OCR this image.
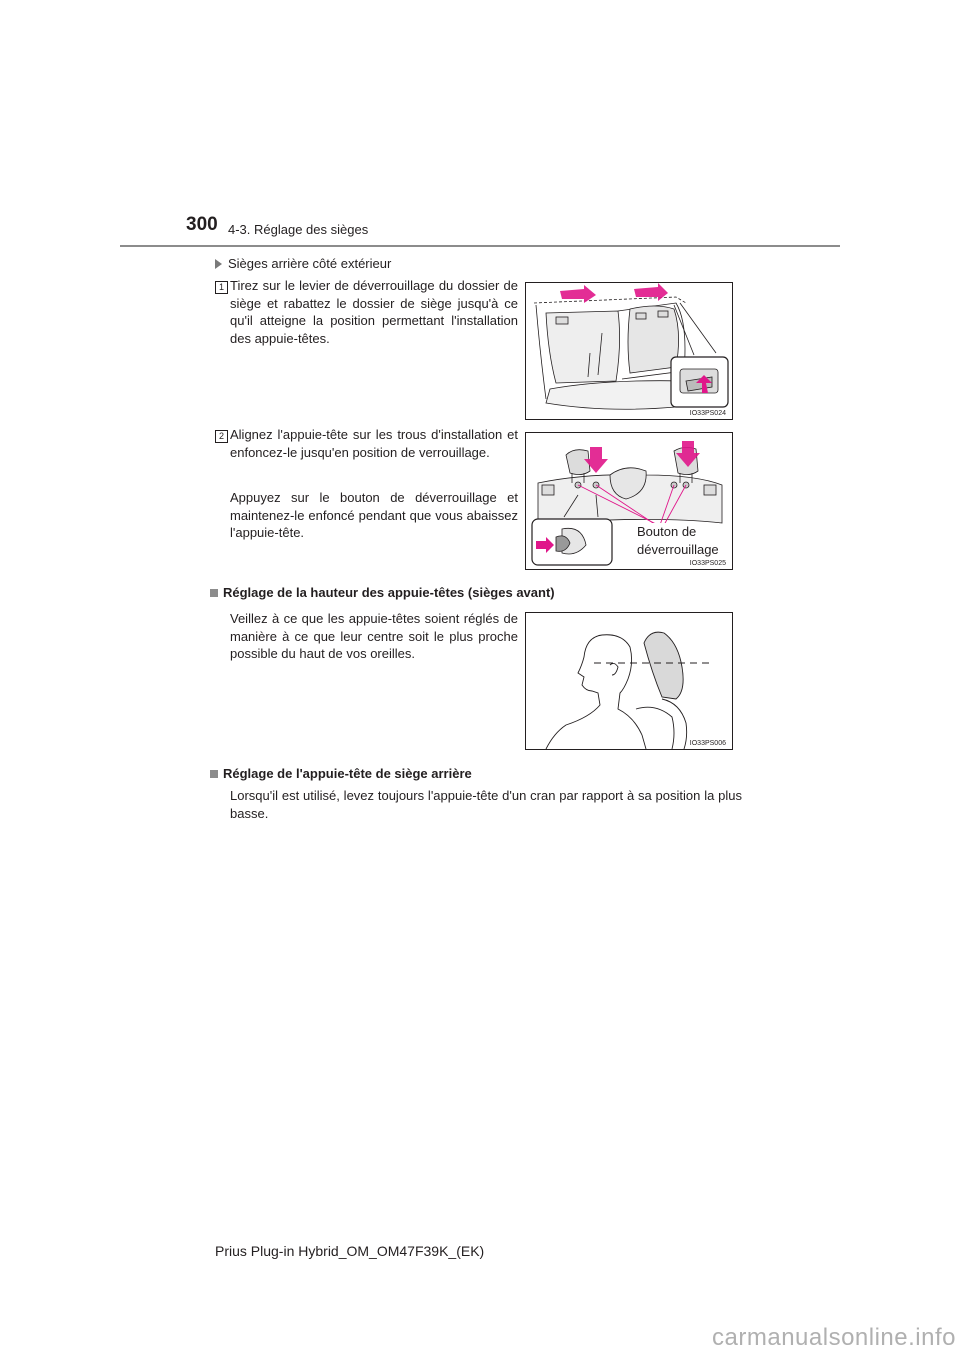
300 4-3. Réglage des sièges
Sièges arrière côté extérieur
1 Tirez sur le levier de déverrouillage du dossier de siège et rabattez le dossier de siège jusqu'à ce qu'il atteigne la position permettant l'installation des appuie-têtes.
IO33PS024
2 Alignez l'appuie-tête sur les trous d'installation et enfoncez-le jusqu'en position de verrouillage.
Appuyez sur le bouton de déverrouillage et maintenez-le enfoncé pendant que vous abaissez l'appuie-tête.	Bouton de
déverrouillage
IO33PS025
Réglage de la hauteur des appuie-têtes (sièges avant)
Veillez à ce que les appuie-têtes soient réglés de manière à ce que leur centre soit le plus proche possible du haut de vos oreilles.
IO33PS006
Réglage de l'appuie-tête de siège arrière
Lorsqu'il est utilisé, levez toujours l'appuie-tête d'un cran par rapport à sa position la plus basse.
Prius Plug-in Hybrid_OM_OM47F39K_(EK)
carmanualsonline.info
